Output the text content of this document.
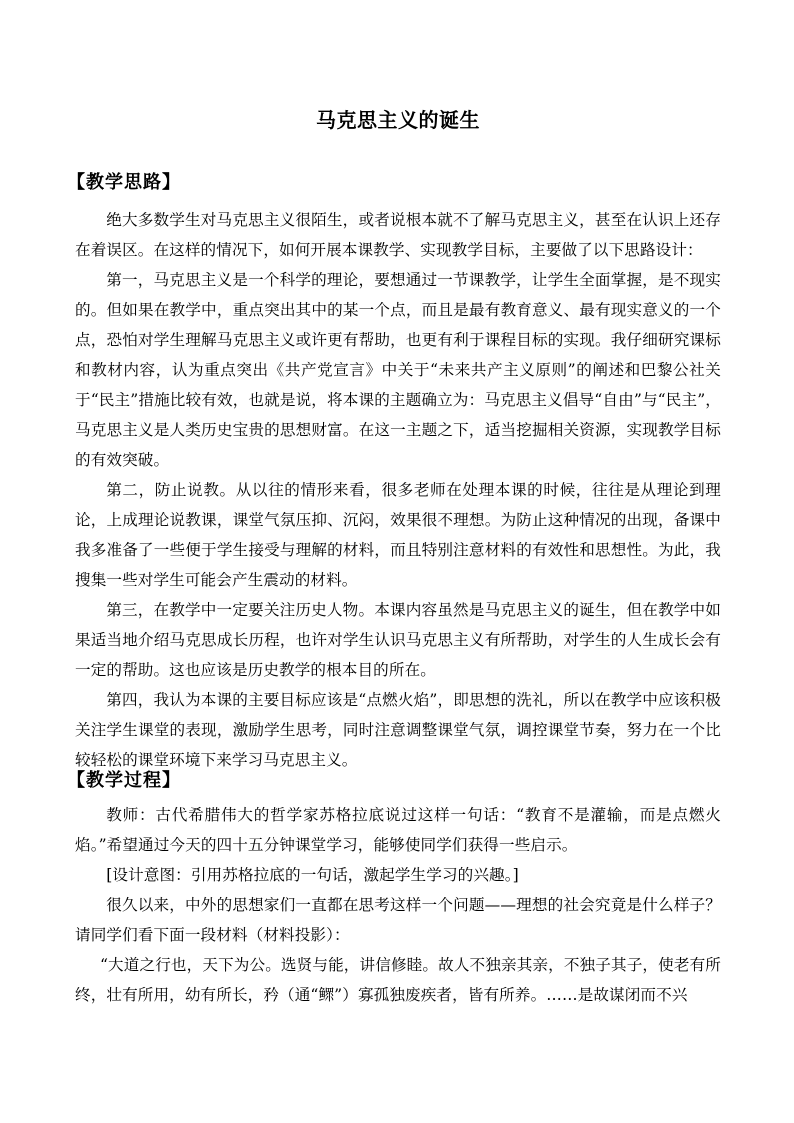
马克思主义的诞生
【教学思路】

绝大多数学生对马克思主义很陌生，或者说根本就不了解马克思主义，甚至在认识上还存在着误区。在这样的情况下，如何开展本课教学、实现教学目标，主要做了以下思路设计：

第一，马克思主义是一个科学的理论，要想通过一节课教学，让学生全面掌握，是不现实的。但如果在教学中，重点突出其中的某一个点，而且是最有教育意义、最有现实意义的一个点，恐怕对学生理解马克思主义或许更有帮助，也更有利于课程目标的实现。我仔细研究课标和教材内容，认为重点突出《共产党宣言》中关于“未来共产主义原则”的阐述和巴黎公社关于“民主”措施比较有效，也就是说，将本课的主题确立为：马克思主义倡导“自由”与“民主”，马克思主义是人类历史宝贵的思想财富。在这一主题之下，适当挖掘相关资源，实现教学目标的有效突破。

第二，防止说教。从以往的情形来看，很多老师在处理本课的时候，往往是从理论到理论，上成理论说教课，课堂气氛压抑、沉闷，效果很不理想。为防止这种情况的出现，备课中我多准备了一些便于学生接受与理解的材料，而且特别注意材料的有效性和思想性。为此，我搜集一些对学生可能会产生震动的材料。

第三，在教学中一定要关注历史人物。本课内容虽然是马克思主义的诞生，但在教学中如果适当地介绍马克思成长历程，也许对学生认识马克思主义有所帮助，对学生的人生成长会有一定的帮助。这也应该是历史教学的根本目的所在。

第四，我认为本课的主要目标应该是“点燃火焰”，即思想的洗礼，所以在教学中应该积极关注学生课堂的表现，激励学生思考，同时注意调整课堂气氛，调控课堂节奏，努力在一个比较轻松的课堂环境下来学习马克思主义。

【教学过程】

教师：古代希腊伟大的哲学家苏格拉底说过这样一句话：“教育不是灌输，而是点燃火焰。”希望通过今天的四十五分钟课堂学习，能够使同学们获得一些启示。

[设计意图：引用苏格拉底的一句话，激起学生学习的兴趣。]

很久以来，中外的思想家们一直都在思考这样一个问题——理想的社会究竟是什么样子？请同学们看下面一段材料（材料投影）：

“大道之行也，天下为公。选贤与能，讲信修睦。故人不独亲其亲，不独子其子，使老有所终，壮有所用，幼有所长，矜（通“鳏”）寡孤独废疾者，皆有所养。……是故谋闭而不兴
